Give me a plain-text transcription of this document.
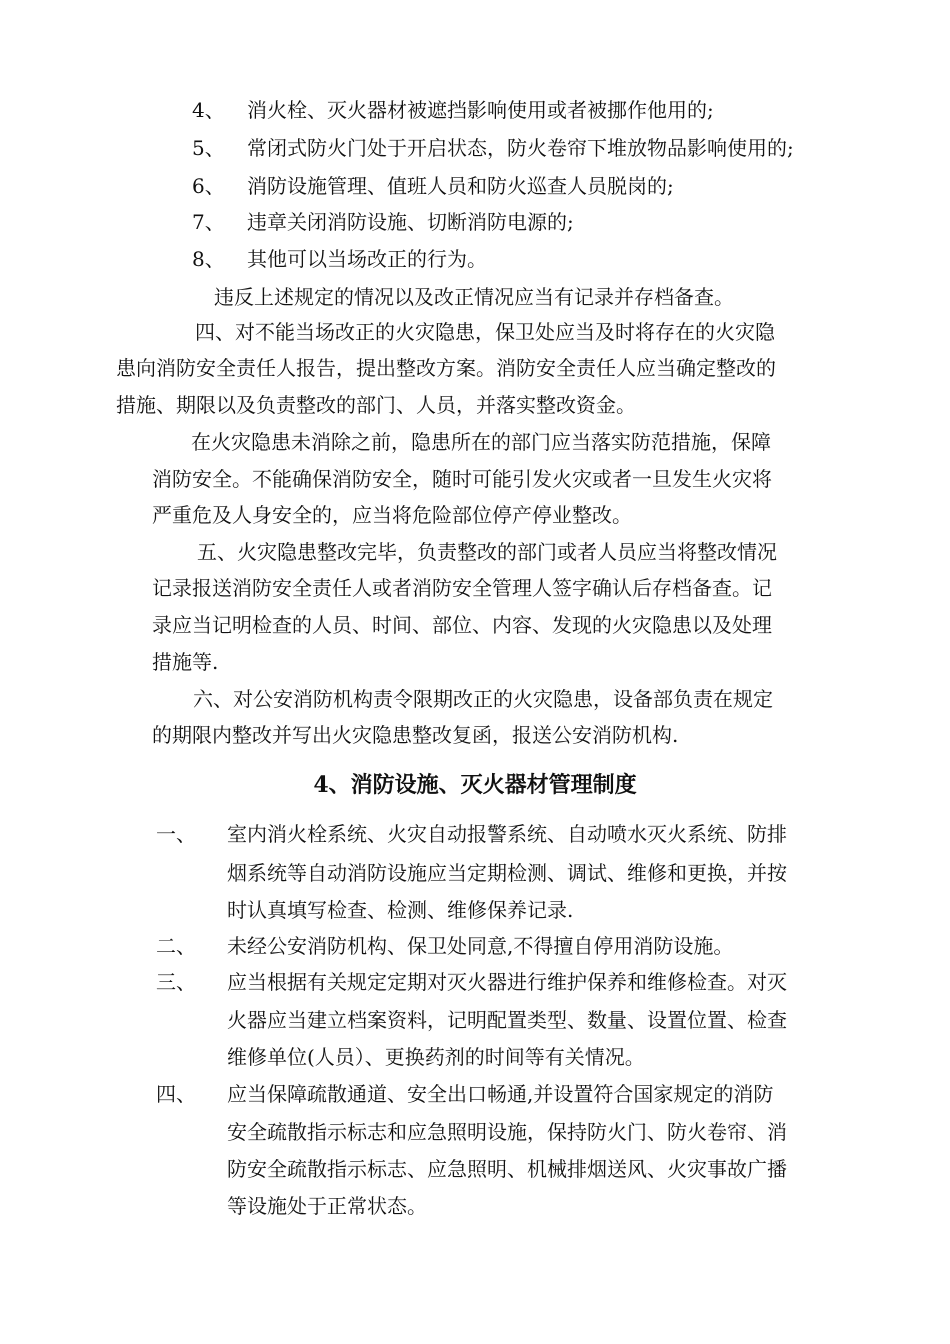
4、 消火栓、灭火器材被遮挡影响使用或者被挪作他用的;
5、 常闭式防火门处于开启状态，防火卷帘下堆放物品影响使用的;
6、 消防设施管理、值班人员和防火巡查人员脱岗的;
7、 违章关闭消防设施、切断消防电源的;
8、 其他可以当场改正的行为。
违反上述规定的情况以及改正情况应当有记录并存档备查。
四、对不能当场改正的火灾隐患，保卫处应当及时将存在的火灾隐
患向消防安全责任人报告，提出整改方案。消防安全责任人应当确定整改的
措施、期限以及负责整改的部门、人员，并落实整改资金。
在火灾隐患未消除之前，隐患所在的部门应当落实防范措施，保障
消防安全。不能确保消防安全，随时可能引发火灾或者一旦发生火灾将
严重危及人身安全的，应当将危险部位停产停业整改。
五、火灾隐患整改完毕，负责整改的部门或者人员应当将整改情况
记录报送消防安全责任人或者消防安全管理人签字确认后存档备查。记
录应当记明检查的人员、时间、部位、内容、发现的火灾隐患以及处理
措施等.
六、对公安消防机构责令限期改正的火灾隐患，设备部负责在规定
的期限内整改并写出火灾隐患整改复函，报送公安消防机构.
4、消防设施、灭火器材管理制度
一、 室内消火栓系统、火灾自动报警系统、自动喷水灭火系统、防排
烟系统等自动消防设施应当定期检测、调试、维修和更换，并按
时认真填写检查、检测、维修保养记录.
二、 未经公安消防机构、保卫处同意,不得擅自停用消防设施。
三、 应当根据有关规定定期对灭火器进行维护保养和维修检查。对灭
火器应当建立档案资料，记明配置类型、数量、设置位置、检查
维修单位(人员）、更换药剂的时间等有关情况。
四、 应当保障疏散通道、安全出口畅通,并设置符合国家规定的消防
安全疏散指示标志和应急照明设施，保持防火门、防火卷帘、消
防安全疏散指示标志、应急照明、机械排烟送风、火灾事故广播
等设施处于正常状态。
